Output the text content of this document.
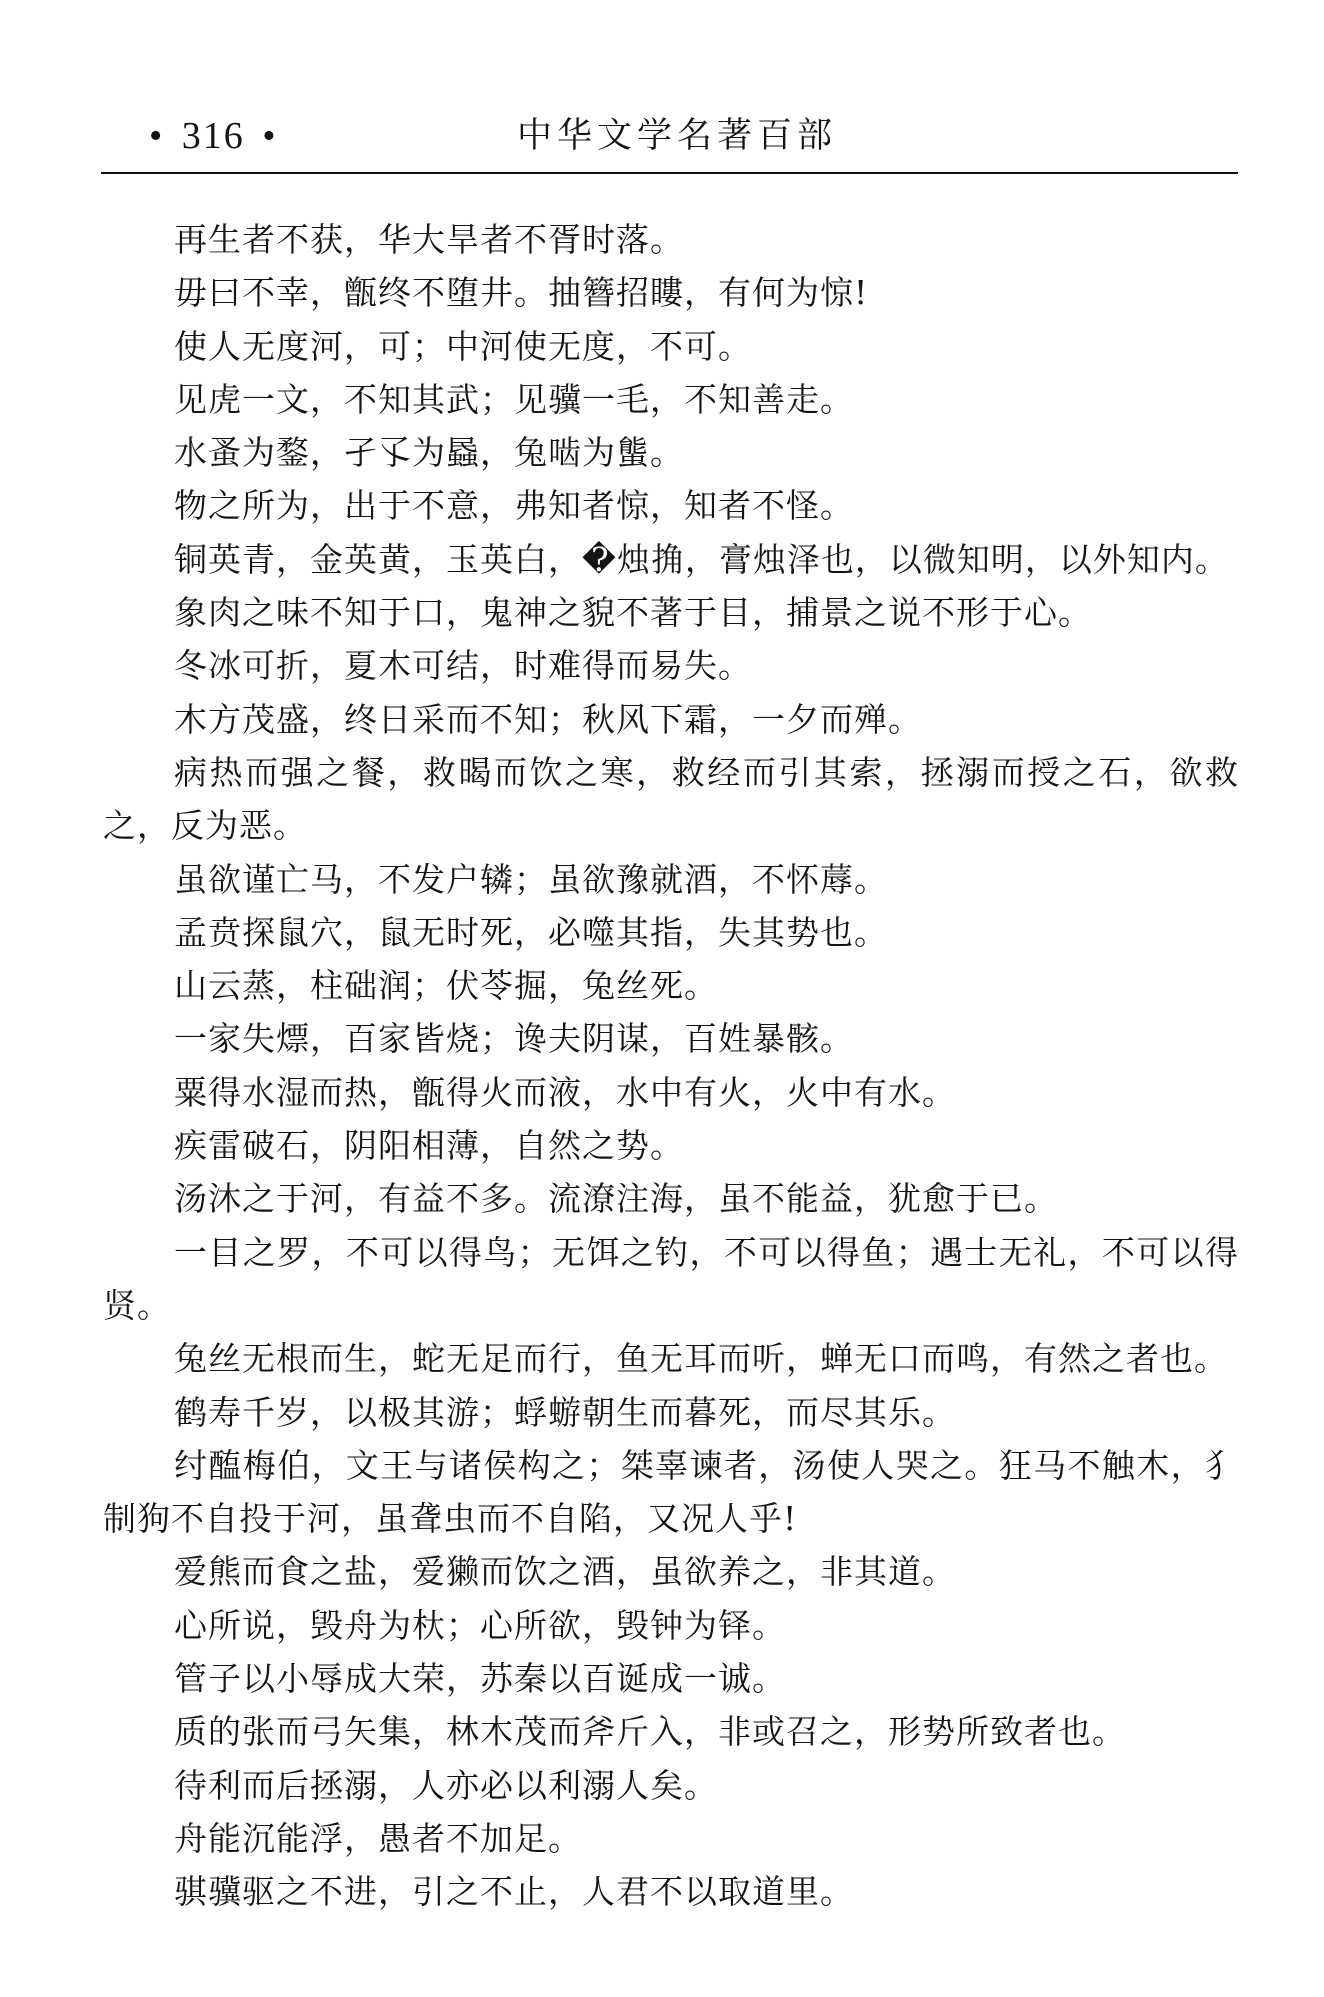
• 316 •	中华文学名著百部
再生者不获，华大旱者不胥时落。
毋曰不幸，甑终不堕井。抽簪招瞜，有何为惊!
使人无度河，可；中河使无度，不可。
见虎一文，不知其武；见骥一毛，不知善走。
水蚤为鍪，孑孓为蟁，兔啮为螚。
物之所为，出于不意，弗知者惊，知者不怪。
铜英青，金英黄，玉英白，�烛捔，膏烛泽也，以微知明，以外知内。
象肉之味不知于口，鬼神之貌不著于目，捕景之说不形于心。
冬冰可折，夏木可结，时难得而易失。
木方茂盛，终日采而不知；秋风下霜，一夕而殚。
病热而强之餐，救暍而饮之寒，救经而引其索，拯溺而授之石，欲救
之，反为恶。
虽欲谨亡马，不发户辚；虽欲豫就酒，不怀蓐。
孟贲探鼠穴，鼠无时死，必噬其指，失其势也。
山云蒸，柱础润；伏苓掘，兔丝死。
一家失熛，百家皆烧；谗夫阴谋，百姓暴骸。
粟得水湿而热，甑得火而液，水中有火，火中有水。
疾雷破石，阴阳相薄，自然之势。
汤沐之于河，有益不多。流潦注海，虽不能益，犹愈于已。
一目之罗，不可以得鸟；无饵之钓，不可以得鱼；遇士无礼，不可以得
贤。
兔丝无根而生，蛇无足而行，鱼无耳而听，蝉无口而鸣，有然之者也。
鹤寿千岁，以极其游；蜉蝣朝生而暮死，而尽其乐。
纣醢梅伯，文王与诸侯构之；桀辜谏者，汤使人哭之。狂马不触木，犭
制狗不自投于河，虽聋虫而不自陷，又况人乎!
爱熊而食之盐，爱獭而饮之酒，虽欲养之，非其道。
心所说，毁舟为杕；心所欲，毁钟为铎。
管子以小辱成大荣，苏秦以百诞成一诚。
质的张而弓矢集，林木茂而斧斤入，非或召之，形势所致者也。
待利而后拯溺，人亦必以利溺人矣。
舟能沉能浮，愚者不加足。
骐骥驱之不进，引之不止，人君不以取道里。
